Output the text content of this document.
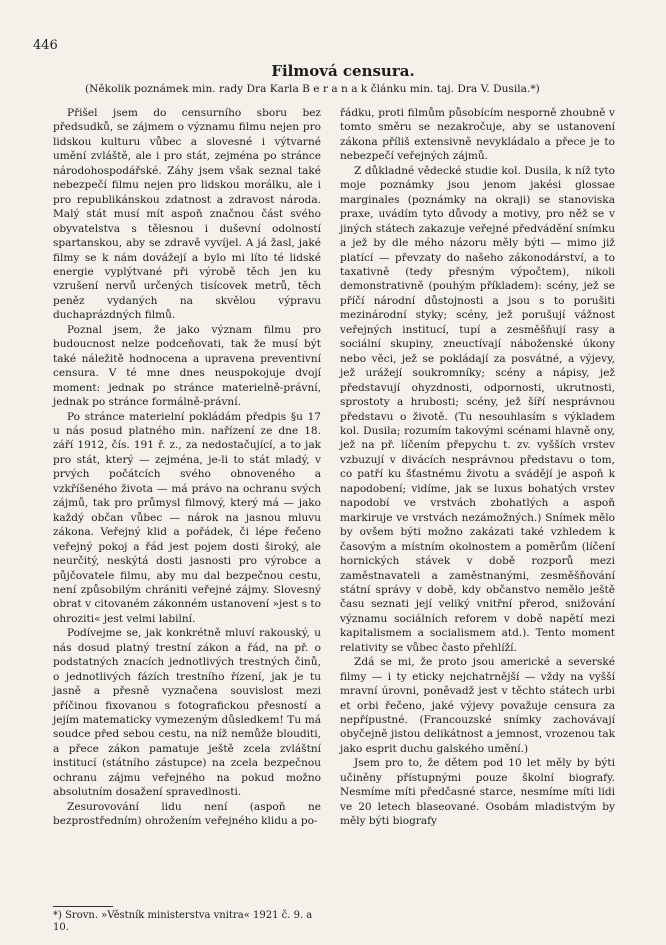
446
Filmová censura.
(Několik poznámek min. rady Dra Karla B e r a n a k článku min. taj. Dra V. Dusila.*)

Přišel jsem do censurního sboru bez předsudků, se zájmem o významu filmu nejen pro lidskou kulturu vůbec a slovesné i výtvarné umění zvláště, ale i pro stát, zejména po stránce národohospodářské. Záhy jsem však seznal také nebezpečí filmu nejen pro lidskou morálku, ale i pro republikánskou zdatnost a zdravost národa. Malý stát musí mít aspoň značnou část svého obyvatelstva s tělesnou i duševní odolností spartanskou, aby se zdravě vyvíjel. A já žasl, jaké filmy se k nám dovážejí a bylo mi líto té lidské energie vyplýtvané při výrobě těch jen ku vzrušení nervů určených tisícovek metrů, těch peněz vydaných na skvělou výpravu duchaprázdných filmů.

Poznal jsem, že jako význam filmu pro budoucnost nelze podceňovati, tak že musí být také náležitě hodnocena a upravena preventivní censura. V té mne dnes neuspokojuje dvojí moment: jednak po stránce materielně-právní, jednak po stránce formálně-právní.

Po stránce materielní pokládám předpis §u 17 u nás posud platného min. nařízení ze dne 18. září 1912, čís. 191 ř. z., za nedostačující, a to jak pro stát, který — zejména, je-li to stát mladý, v prvých počátcích svého obnoveného a vzkříšeného života — má právo na ochranu svých zájmů, tak pro průmysl filmový, který má — jako každý občan vůbec — nárok na jasnou mluvu zákona. Veřejný klid a pořádek, či lépe řečeno veřejný pokoj a řád jest pojem dosti široký, ale neurčitý, neskýtá dosti jasnosti pro výrobce a půjčovatele filmu, aby mu dal bezpečnou cestu, není způsobilým chrániti veřejné zájmy. Slovesný obrat v citovaném zákonném ustanovení »jest s to ohroziti« jest velmi labilní.

Podívejme se, jak konkrétně mluví rakouský, u nás dosud platný trestní zákon a řád, na př. o podstatných znacích jednotlivých trestných činů, o jednotlivých fázích trestního řízení, jak je tu jasně a přesně vyznačena souvislost mezi příčinou fixovanou s fotografickou přesností a jejím matematicky vymezeným důsledkem! Tu má soudce před sebou cestu, na níž nemůže blouditi, a přece zákon pamatuje ještě zcela zvláštní institucí (státního zástupce) na zcela bezpečnou ochranu zájmu veřejného na pokud možno absolutním dosažení spravedlnosti.

Zesurovování lidu není (aspoň ne bezprostředním) ohrožením veřejného klidu a po-

řádku, proti filmům působícím nesporně zhoubně v tomto směru se nezakročuje, aby se ustanovení zákona příliš extensivně nevykládalo a přece je to nebezpečí veřejných zájmů.

Z důkladné vědecké studie kol. Dusila, k níž tyto moje poznámky jsou jenom jakési glossae marginales (poznámky na okraji) se stanoviska praxe, uvádím tyto důvody a motivy, pro něž se v jiných státech zakazuje veřejné předvádění snímku a jež by dle mého názoru měly býti — mimo již platící — převzaty do našeho zákonodárství, a to taxativně (tedy přesným výpočtem), nikoli demonstrativně (pouhým příkladem): scény, jež se příčí národní důstojnosti a jsou s to porušiti mezinárodní styky; scény, jež porušují vážnost veřejných institucí, tupí a zesměšňují rasy a sociální skupiny, zneuctívají náboženské úkony nebo věci, jež se pokládají za posvátné, a výjevy, jež urážejí soukromníky; scény a nápisy, jež představují ohyzdnosti, odpornosti, ukrutnosti, sprostoty a hrubosti; scény, jež šíří nesprávnou představu o životě. (Tu nesouhlasím s výkladem kol. Dusila; rozumím takovými scénami hlavně ony, jež na př. líčením přepychu t. zv. vyšších vrstev vzbuzují v divácích nesprávnou představu o tom, co patří ku šťastnému životu a svádějí je aspoň k napodobení; vidíme, jak se luxus bohatých vrstev napodobí ve vrstvách zbohatlých a aspoň markiruje ve vrstvách nezámožných.) Snímek mělo by ovšem býti možno zakázati také vzhledem k časovým a místním okolnostem a poměrům (líčení hornických stávek v době rozporů mezi zaměstnavateli a zaměstnanými, zesměšňování státní správy v době, kdy občanstvo nemělo ještě času seznati její veliký vnitřní přerod, snižování významu sociálních reforem v době napětí mezi kapitalismem a socialismem atd.). Tento moment relativity se vůbec často přehlíží.

Zdá se mi, že proto jsou americké a severské filmy — i ty eticky nejchatrnější — vždy na vyšší mravní úrovni, poněvadž jest v těchto státech urbi et orbi řečeno, jaké výjevy považuje censura za nepřípustné. (Francouzské snímky zachovávají obyčejně jistou delikátnost a jemnost, vrozenou tak jako esprit duchu galského umění.)

Jsem pro to, že dětem pod 10 let měly by býti učiněny přístupnými pouze školní biografy. Nesmíme míti předčasné starce, nesmíme míti lidi ve 20 letech blaseované. Osobám mladistvým by měly býti biografy

*) Srovn. »Věstník ministerstva vnitra« 1921 č. 9. a 10.
